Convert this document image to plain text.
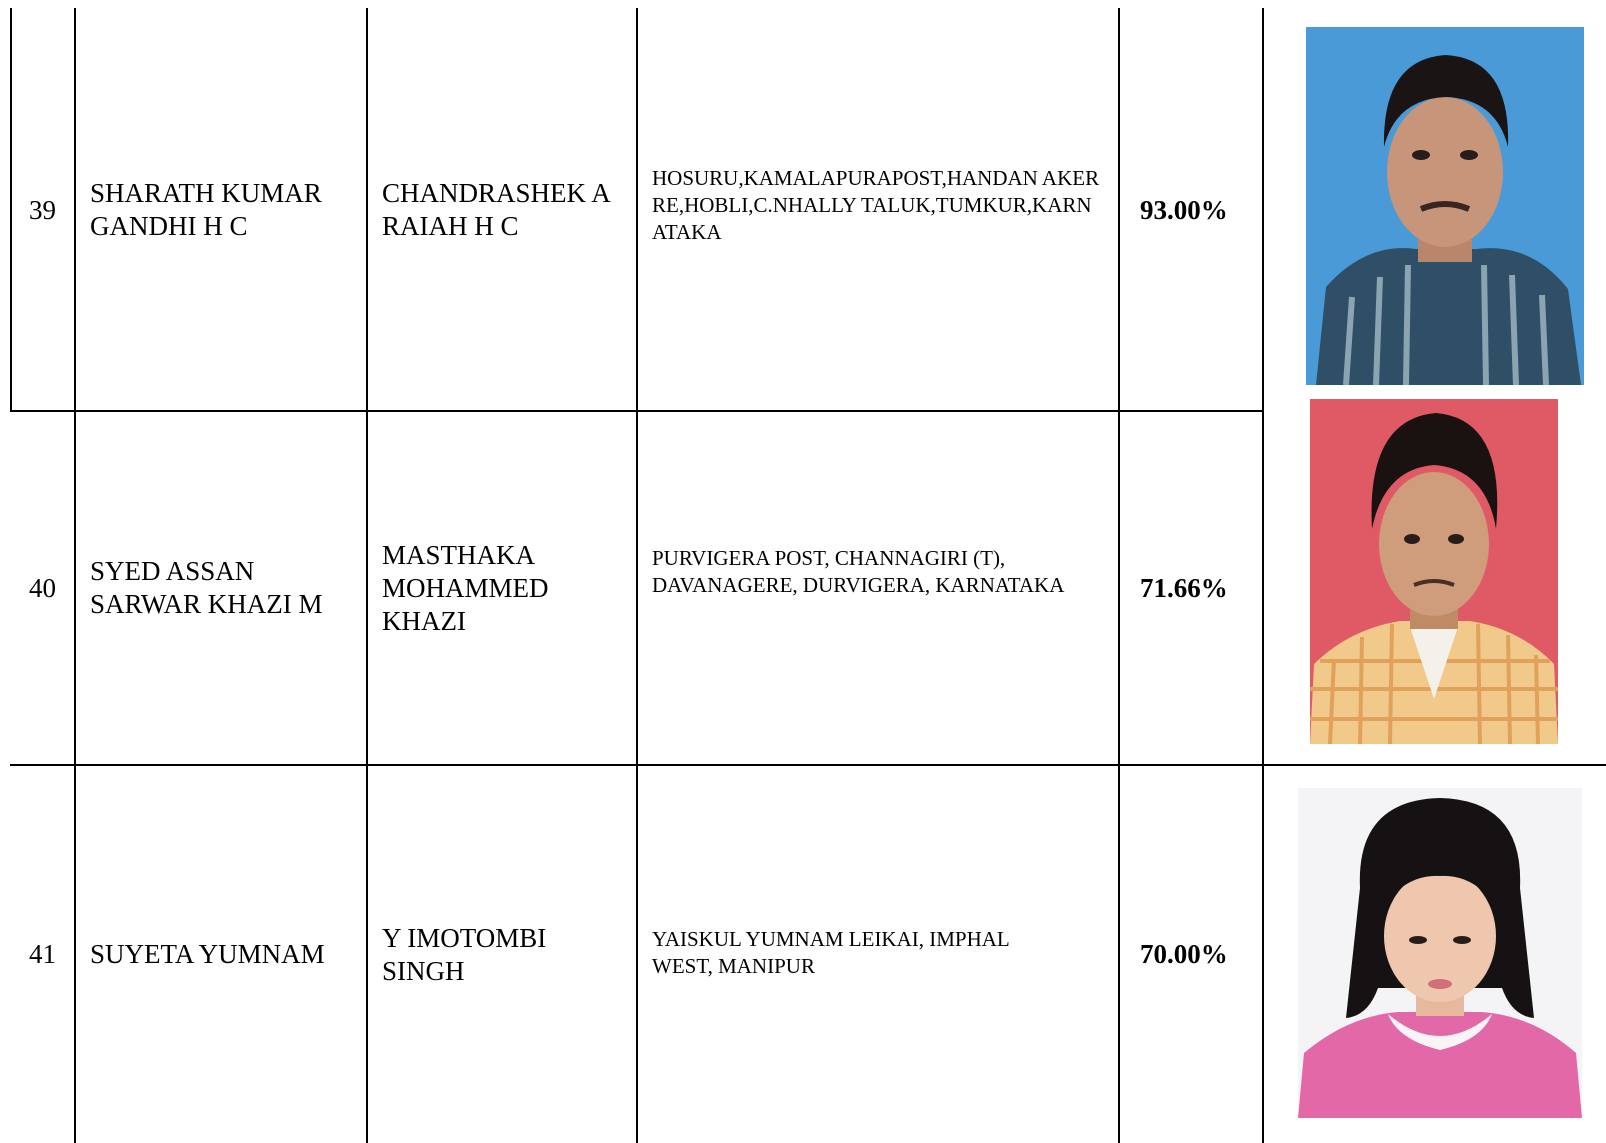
39
SHARATH KUMAR GANDHI H C
CHANDRASHEK ARAIAH H C
HOSURU,KAMALAPURAPOST,HANDAN AKERRE,HOBLI,C.NHALLY TALUK,TUMKUR,KARNATAKA
93.00%
40
SYED ASSAN SARWAR KHAZI M
MASTHAKA MOHAMMED KHAZI
PURVIGERA POST, CHANNAGIRI (T), DAVANAGERE, DURVIGERA, KARNATAKA	71.66%
41 SUYETA YUMNAM
Y IMOTOMBI SINGH
YAISKUL YUMNAM LEIKAI, IMPHAL WEST, MANIPUR	70.00%
